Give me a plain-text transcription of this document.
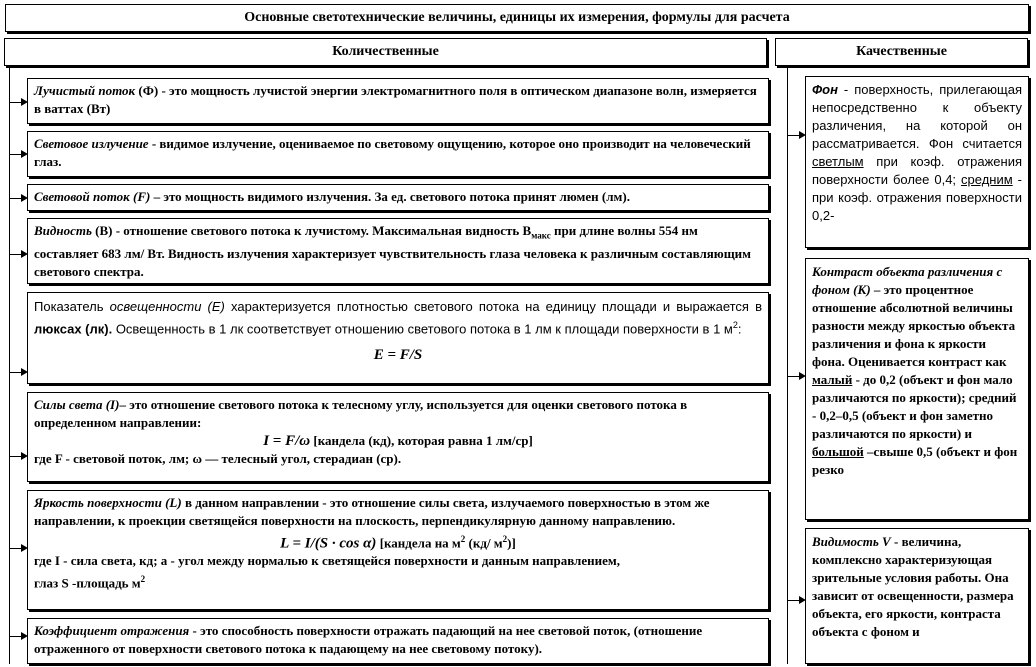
Основные светотехнические величины, единицы их измерения, формулы для расчета
Количественные	Качественные
Лучистый поток (Ф) - это мощность лучистой энергии электромагнитного поля в оптическом диапазоне волн, измеряется в ваттах (Вт)
Световое излучение - видимое излучение, оцениваемое по световому ощущению, которое оно производит на человеческий глаз.
Световой поток (F) – это мощность видимого излучения. За ед. светового потока принят люмен (лм).
Видность (В) - отношение светового потока к лучистому. Максимальная видность $В_{макс}$ при длине волны 554 нм составляет 683 лм/ Вт. Видность излучения характеризует чувствительность глаза человека к различным составляющим светового спектра.
Показатель освещенности (E) характеризуется плотностью светового потока на единицу площади и выражается в люксах (лк). Освещенность в 1 лк соответствует отношению светового потока в 1 лм к площади поверхности в 1 $м^2$:
E = F/S
Силы света (I)– это отношение светового потока к телесному углу, используется для оценки светового потока в определенном направлении:
I = F/ω [кандела (кд), которая равна 1 лм/ср]
где F - световой поток, лм; ω — телесный угол, стерадиан (ср).
Яркость поверхности (L) в данном направлении - это отношение силы света, излучаемого поверхностью в этом же направлении, к проекции светящейся поверхности на плоскость, перпендикулярную данному направлению.
L = I/(S · cos α) [кандела на $м^2$ (кд/ $м^2$)]
где I - сила света, кд; а - угол между нормалью к светящейся поверхности и данным направлением,
глаз S -площадь $м^2$
Коэффициент отражения - это способность поверхности отражать падающий на нее световой поток, (отношение отраженного от поверхности светового потока к падающему на нее световому потоку).
Фон - поверхность, прилегающая непосредственно к объекту различения, на которой он рассматривается. Фон считается светлым при коэф. отражения поверхности более 0,4; средним - при коэф. отражения поверхности 0,2-
Контраст объекта различения с фоном (К) – это процентное отношение абсолютной величины разности между яркостью объекта различения и фона к яркости фона. Оценивается контраст как малый - до 0,2 (объект и фон мало различаются по яркости); средний - 0,2–0,5 (объект и фон заметно различаются по яркости) и большой –свыше 0,5 (объект и фон резко
Видимость V - величина, комплексно характеризующая зрительные условия работы. Она зависит от освещенности, размера объекта, его яркости, контраста объекта с фоном и
